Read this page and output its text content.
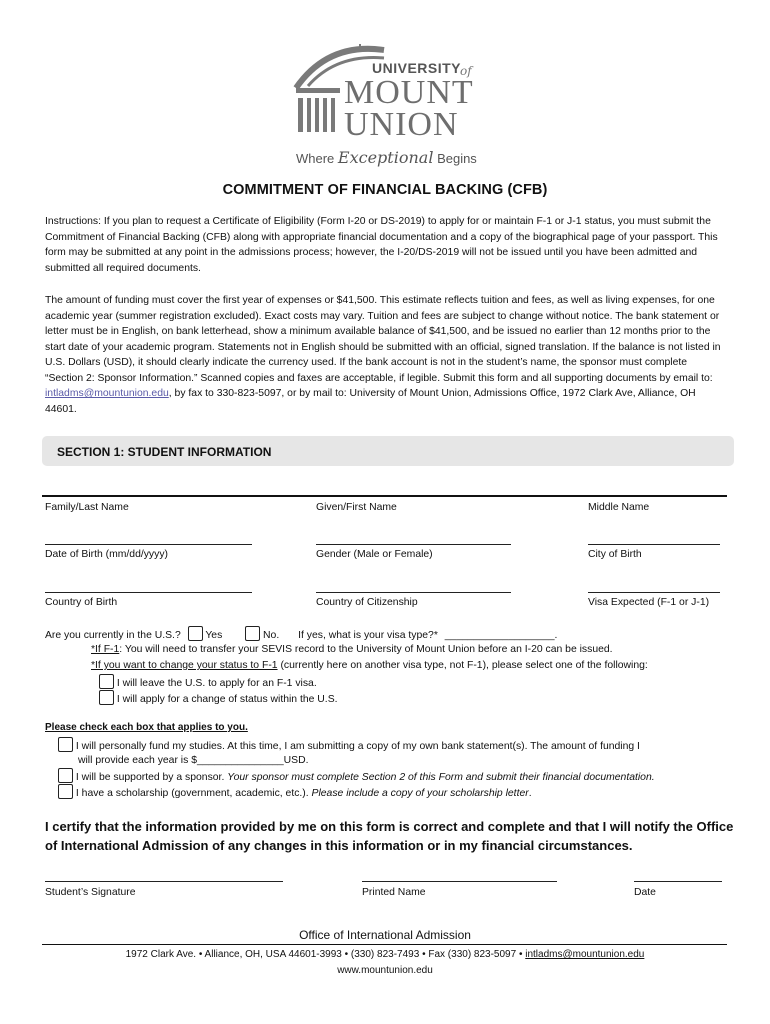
UNIVERSITY
of
MOUNT
UNION
Where Exceptional Begins
COMMITMENT OF FINANCIAL BACKING (CFB)
Instructions: If you plan to request a Certificate of Eligibility (Form I-20 or DS-2019) to apply for or maintain F-1 or J-1 status, you must submit the Commitment of Financial Backing (CFB) along with appropriate financial documentation and a copy of the biographical page of your passport. This form may be submitted at any point in the admissions process; however, the I-20/DS-2019 will not be issued until you have been admitted and submitted all required documents.
The amount of funding must cover the first year of expenses or $41,500. This estimate reflects tuition and fees, as well as living expenses, for one academic year (summer registration excluded). Exact costs may vary. Tuition and fees are subject to change without notice. The bank statement or letter must be in English, on bank letterhead, show a minimum available balance of $41,500, and be issued no earlier than 12 months prior to the start date of your academic program. Statements not in English should be submitted with an official, signed translation. If the balance is not listed in U.S. Dollars (USD), it should clearly indicate the currency used. If the bank account is not in the student’s name, the sponsor must complete “Section 2: Sponsor Information.” Scanned copies and faxes are acceptable, if legible. Submit this form and all supporting documents by email to: intladms@mountunion.edu, by fax to 330-823-5097, or by mail to: University of Mount Union, Admissions Office, 1972 Clark Ave, Alliance, OH 44601.
SECTION 1: STUDENT INFORMATION
Family/Last Name	Given/First Name	Middle Name
Date of Birth (mm/dd/yyyy)	Gender (Male or Female)	City of Birth
Country of Birth	Country of Citizenship	Visa Expected (F-1 or J-1)
Are you currently in the U.S.? Yes	No. If yes, what is your visa type?* ___________________.
*If F-1: You will need to transfer your SEVIS record to the University of Mount Union before an I-20 can be issued.
*If you want to change your status to F-1 (currently here on another visa type, not F-1), please select one of the following:
I will leave the U.S. to apply for an F-1 visa.
I will apply for a change of status within the U.S.
Please check each box that applies to you.
I will personally fund my studies. At this time, I am submitting a copy of my own bank statement(s). The amount of funding I
will provide each year is $_______________USD.
I will be supported by a sponsor. Your sponsor must complete Section 2 of this Form and submit their financial documentation.
I have a scholarship (government, academic, etc.). Please include a copy of your scholarship letter.
I certify that the information provided by me on this form is correct and complete and that I will notify the Office of International Admission of any changes in this information or in my financial circumstances.
Student’s Signature	Printed Name	Date
Office of International Admission
1972 Clark Ave. • Alliance, OH, USA 44601-3993 • (330) 823-7493 • Fax (330) 823-5097 • intladms@mountunion.edu
www.mountunion.edu
